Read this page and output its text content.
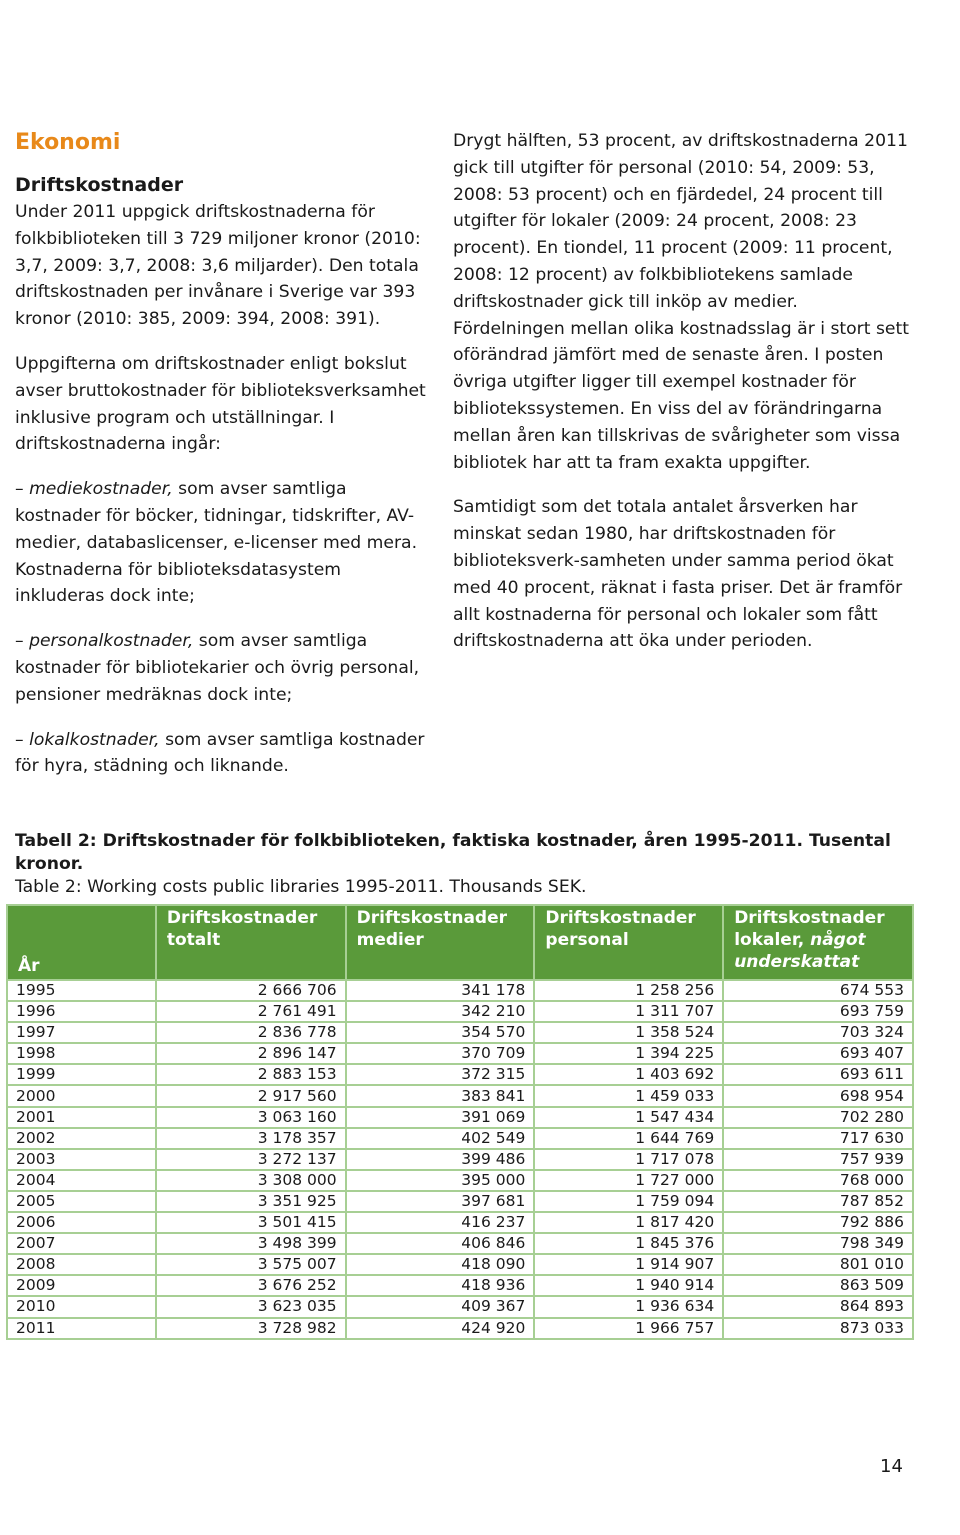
Ekonomi
Driftskostnader

Under 2011 uppgick driftskostnaderna för folkbiblioteken till 3 729 miljoner kronor (2010: 3,7, 2009: 3,7, 2008: 3,6 miljarder). Den totala driftskostnaden per invånare i Sverige var 393 kronor (2010: 385, 2009: 394, 2008: 391).

Uppgifterna om driftskostnader enligt bokslut avser bruttokostnader för biblioteksverksamhet inklusive program och utställningar. I driftskostnaderna ingår:

– mediekostnader, som avser samtliga kostnader för böcker, tidningar, tidskrifter, AV-medier, databaslicenser, e-licenser med mera. Kostnaderna för biblioteksdatasystem inkluderas dock inte;

– personalkostnader, som avser samtliga kostnader för bibliotekarier och övrig personal, pensioner medräknas dock inte;

– lokalkostnader, som avser samtliga kostnader för hyra, städning och liknande.

Drygt hälften, 53 procent, av driftskostnaderna 2011 gick till utgifter för personal (2010: 54, 2009: 53, 2008: 53 procent) och en fjärdedel, 24 procent till utgifter för lokaler (2009: 24 procent, 2008: 23 procent). En tiondel, 11 procent (2009: 11 procent, 2008: 12 procent) av folkbibliotekens samlade driftskostnader gick till inköp av medier. Fördelningen mellan olika kostnadsslag är i stort sett oförändrad jämfört med de senaste åren. I posten övriga utgifter ligger till exempel kostnader för bibliotekssystemen. En viss del av förändringarna mellan åren kan tillskrivas de svårigheter som vissa bibliotek har att ta fram exakta uppgifter.

Samtidigt som det totala antalet årsverken har minskat sedan 1980, har driftskostnaden för biblioteksverk-samheten under samma period ökat med 40 procent, räknat i fasta priser. Det är framför allt kostnaderna för personal och lokaler som fått driftskostnaderna att öka under perioden.

Tabell 2: Driftskostnader för folkbiblioteken, faktiska kostnader, åren 1995-2011. Tusental kronor.
Table 2: Working costs public libraries 1995-2011. Thousands SEK.
År	Driftskostnader totalt	Driftskostnader medier	Driftskostnader personal	Driftskostnader lokaler, något underskattat
1995	2 666 706	341 178	1 258 256	674 553
1996	2 761 491	342 210	1 311 707	693 759
1997	2 836 778	354 570	1 358 524	703 324
1998	2 896 147	370 709	1 394 225	693 407
1999	2 883 153	372 315	1 403 692	693 611
2000	2 917 560	383 841	1 459 033	698 954
2001	3 063 160	391 069	1 547 434	702 280
2002	3 178 357	402 549	1 644 769	717 630
2003	3 272 137	399 486	1 717 078	757 939
2004	3 308 000	395 000	1 727 000	768 000
2005	3 351 925	397 681	1 759 094	787 852
2006	3 501 415	416 237	1 817 420	792 886
2007	3 498 399	406 846	1 845 376	798 349
2008	3 575 007	418 090	1 914 907	801 010
2009	3 676 252	418 936	1 940 914	863 509
2010	3 623 035	409 367	1 936 634	864 893
2011	3 728 982	424 920	1 966 757	873 033
14
